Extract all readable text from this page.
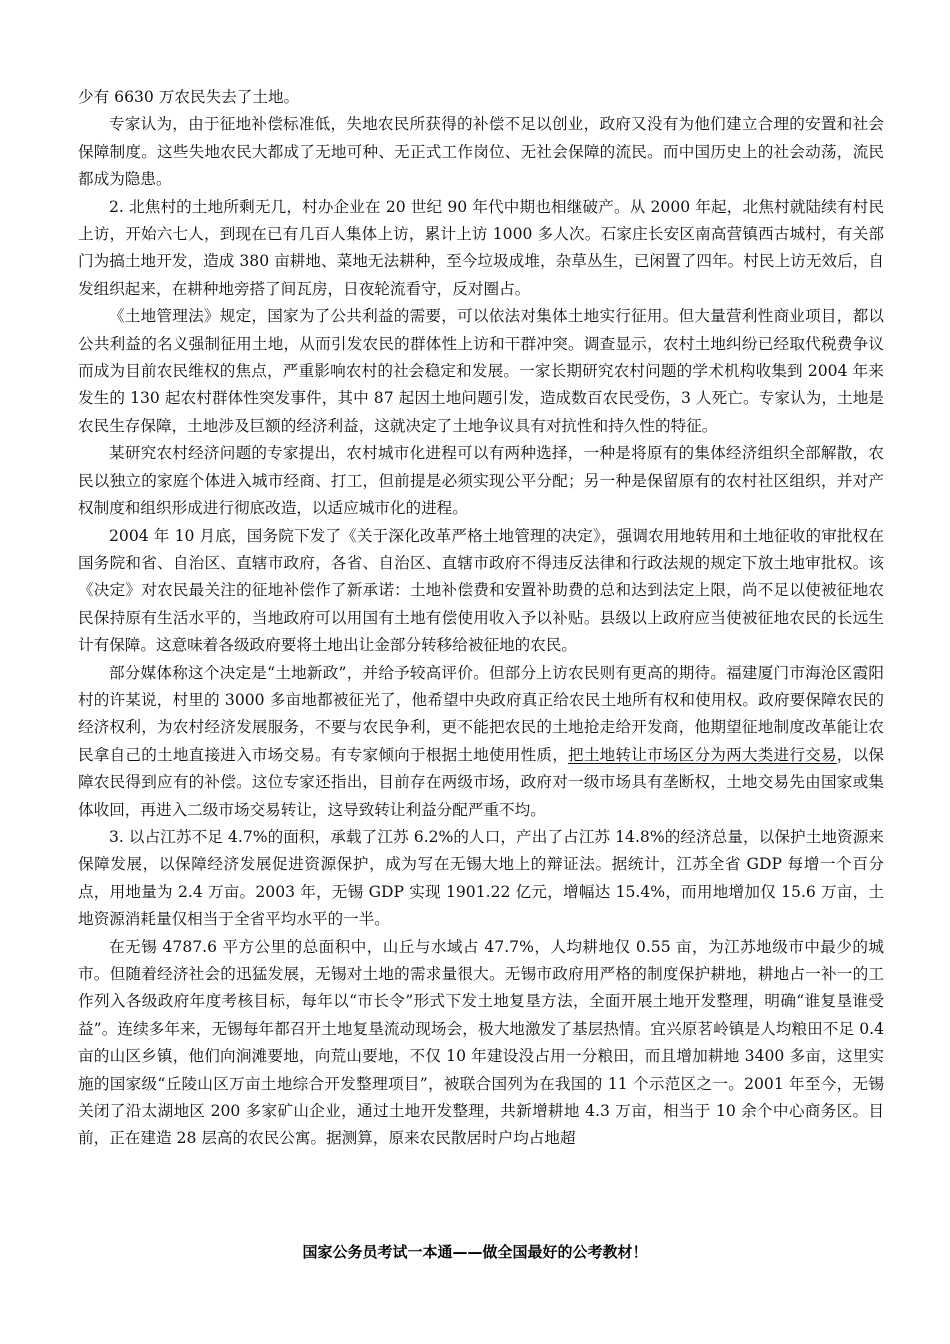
少有 6630 万农民失去了土地。

专家认为，由于征地补偿标准低，失地农民所获得的补偿不足以创业，政府又没有为他们建立合理的安置和社会保障制度。这些失地农民大都成了无地可种、无正式工作岗位、无社会保障的流民。而中国历史上的社会动荡，流民都成为隐患。

2. 北焦村的土地所剩无几，村办企业在 20 世纪 90 年代中期也相继破产。从 2000 年起，北焦村就陆续有村民上访，开始六七人，到现在已有几百人集体上访，累计上访 1000 多人次。石家庄长安区南高营镇西古城村，有关部门为搞土地开发，造成 380 亩耕地、菜地无法耕种，至今垃圾成堆，杂草丛生，已闲置了四年。村民上访无效后，自发组织起来，在耕种地旁搭了间瓦房，日夜轮流看守，反对圈占。

《土地管理法》规定，国家为了公共利益的需要，可以依法对集体土地实行征用。但大量营利性商业项目，都以公共利益的名义强制征用土地，从而引发农民的群体性上访和干群冲突。调查显示，农村土地纠纷已经取代税费争议而成为目前农民维权的焦点，严重影响农村的社会稳定和发展。一家长期研究农村问题的学术机构收集到 2004 年来发生的 130 起农村群体性突发事件，其中 87 起因土地问题引发，造成数百农民受伤，3 人死亡。专家认为，土地是农民生存保障，土地涉及巨额的经济利益，这就决定了土地争议具有对抗性和持久性的特征。

某研究农村经济问题的专家提出，农村城市化进程可以有两种选择，一种是将原有的集体经济组织全部解散，农民以独立的家庭个体进入城市经商、打工，但前提是必须实现公平分配；另一种是保留原有的农村社区组织，并对产权制度和组织形成进行彻底改造，以适应城市化的进程。

2004 年 10 月底，国务院下发了《关于深化改革严格土地管理的决定》，强调农用地转用和土地征收的审批权在国务院和省、自治区、直辖市政府，各省、自治区、直辖市政府不得违反法律和行政法规的规定下放土地审批权。该《决定》对农民最关注的征地补偿作了新承诺：土地补偿费和安置补助费的总和达到法定上限，尚不足以使被征地农民保持原有生活水平的，当地政府可以用国有土地有偿使用收入予以补贴。县级以上政府应当使被征地农民的长远生计有保障。这意味着各级政府要将土地出让金部分转移给被征地的农民。

部分媒体称这个决定是“土地新政”，并给予较高评价。但部分上访农民则有更高的期待。福建厦门市海沧区霞阳村的许某说，村里的 3000 多亩地都被征光了，他希望中央政府真正给农民土地所有权和使用权。政府要保障农民的经济权利，为农村经济发展服务，不要与农民争利，更不能把农民的土地抢走给开发商，他期望征地制度改革能让农民拿自己的土地直接进入市场交易。有专家倾向于根据土地使用性质，把土地转让市场区分为两大类进行交易，以保障农民得到应有的补偿。这位专家还指出，目前存在两级市场，政府对一级市场具有垄断权，土地交易先由国家或集体收回，再进入二级市场交易转让，这导致转让利益分配严重不均。

3. 以占江苏不足 4.7%的面积，承载了江苏 6.2%的人口，产出了占江苏 14.8%的经济总量，以保护土地资源来保障发展，以保障经济发展促进资源保护，成为写在无锡大地上的辩证法。据统计，江苏全省 GDP 每增一个百分点，用地量为 2.4 万亩。2003 年，无锡 GDP 实现 1901.22 亿元，增幅达 15.4%，而用地增加仅 15.6 万亩，土地资源消耗量仅相当于全省平均水平的一半。

在无锡 4787.6 平方公里的总面积中，山丘与水域占 47.7%，人均耕地仅 0.55 亩，为江苏地级市中最少的城市。但随着经济社会的迅猛发展，无锡对土地的需求量很大。无锡市政府用严格的制度保护耕地，耕地占一补一的工作列入各级政府年度考核目标，每年以“市长令”形式下发土地复垦方法，全面开展土地开发整理，明确“谁复垦谁受益”。连续多年来，无锡每年都召开土地复垦流动现场会，极大地激发了基层热情。宜兴原茗岭镇是人均粮田不足 0.4 亩的山区乡镇，他们向涧滩要地，向荒山要地，不仅 10 年建设没占用一分粮田，而且增加耕地 3400 多亩，这里实施的国家级“丘陵山区万亩土地综合开发整理项目”，被联合国列为在我国的 11 个示范区之一。2001 年至今，无锡关闭了沿太湖地区 200 多家矿山企业，通过土地开发整理，共新增耕地 4.3 万亩，相当于 10 余个中心商务区。目前，正在建造 28 层高的农民公寓。据测算，原来农民散居时户均占地超

国家公务员考试一本通——做全国最好的公考教材！
